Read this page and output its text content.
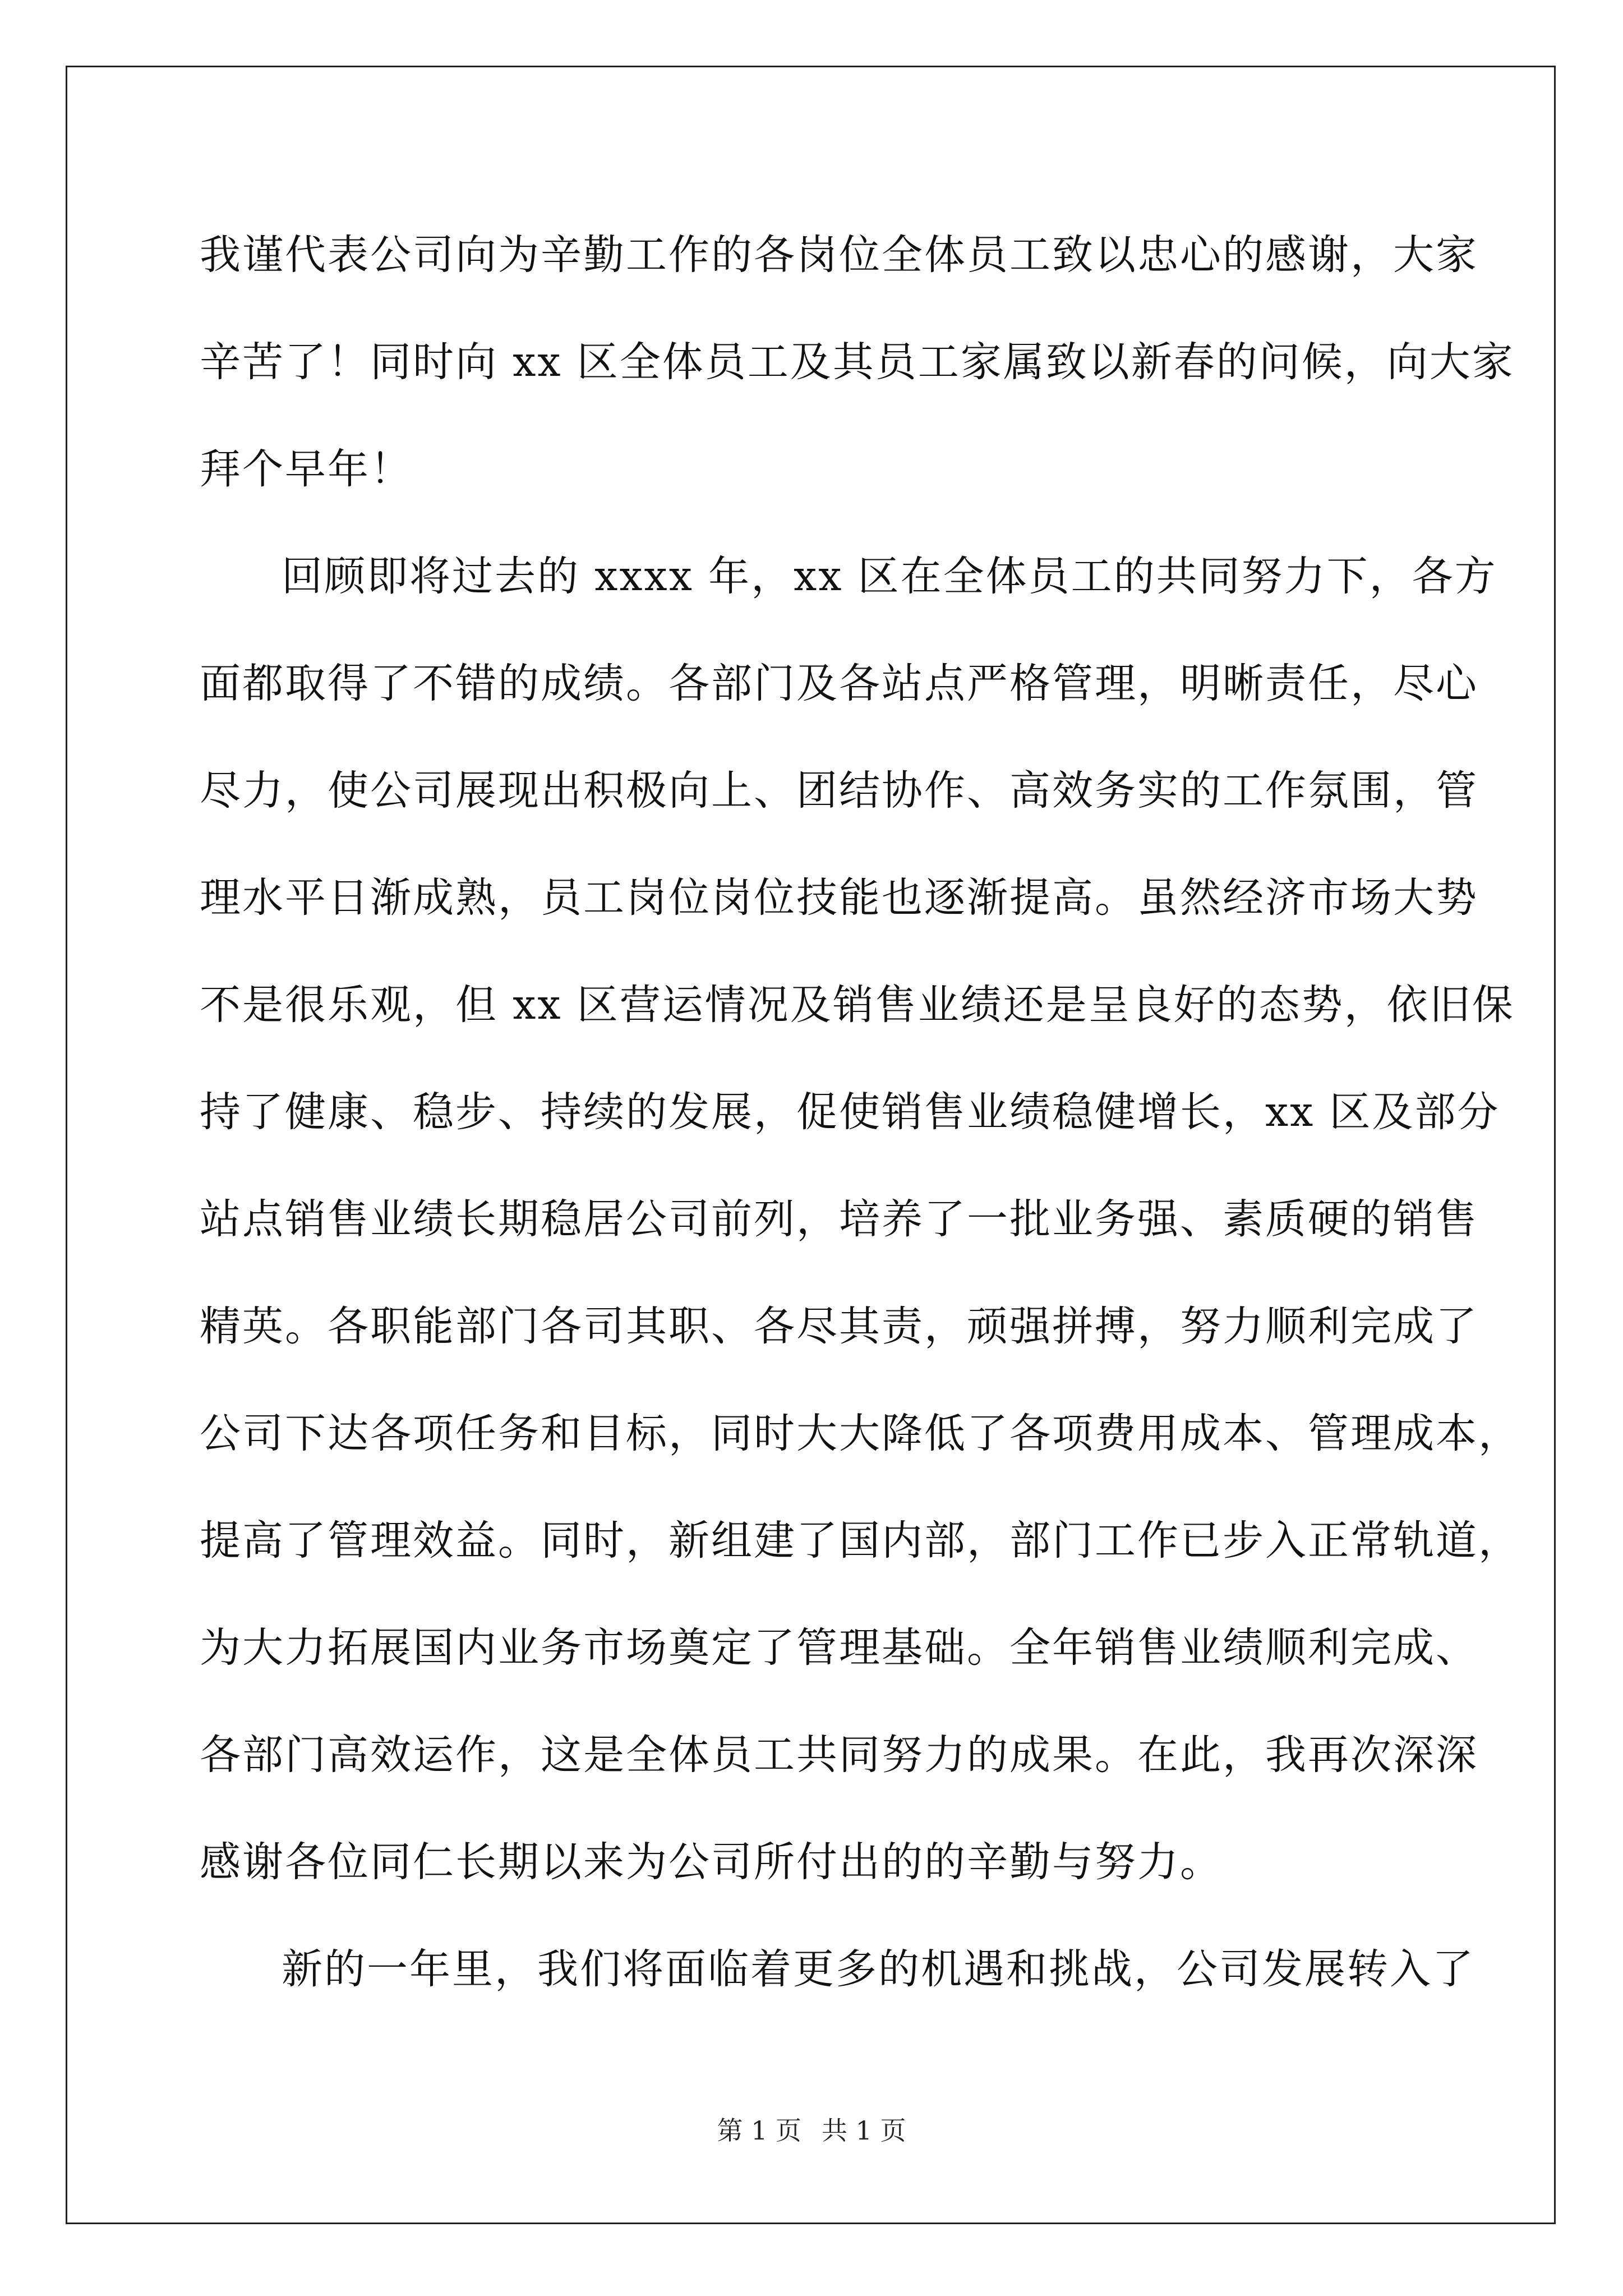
我谨代表公司向为辛勤工作的各岗位全体员工致以忠心的感谢，大家
辛苦了！同时向 xx 区全体员工及其员工家属致以新春的问候，向大家
拜个早年！
回顾即将过去的 xxxx 年，xx 区在全体员工的共同努力下，各方
面都取得了不错的成绩。各部门及各站点严格管理，明晰责任，尽心
尽力，使公司展现出积极向上、团结协作、高效务实的工作氛围，管
理水平日渐成熟，员工岗位岗位技能也逐渐提高。虽然经济市场大势
不是很乐观，但 xx 区营运情况及销售业绩还是呈良好的态势，依旧保
持了健康、稳步、持续的发展，促使销售业绩稳健增长，xx 区及部分
站点销售业绩长期稳居公司前列，培养了一批业务强、素质硬的销售
精英。各职能部门各司其职、各尽其责，顽强拼搏，努力顺利完成了
公司下达各项任务和目标，同时大大降低了各项费用成本、管理成本，
提高了管理效益。同时，新组建了国内部，部门工作已步入正常轨道，
为大力拓展国内业务市场奠定了管理基础。全年销售业绩顺利完成、
各部门高效运作，这是全体员工共同努力的成果。在此，我再次深深
感谢各位同仁长期以来为公司所付出的的辛勤与努力。
新的一年里，我们将面临着更多的机遇和挑战，公司发展转入了
第 1 页 共 1 页
